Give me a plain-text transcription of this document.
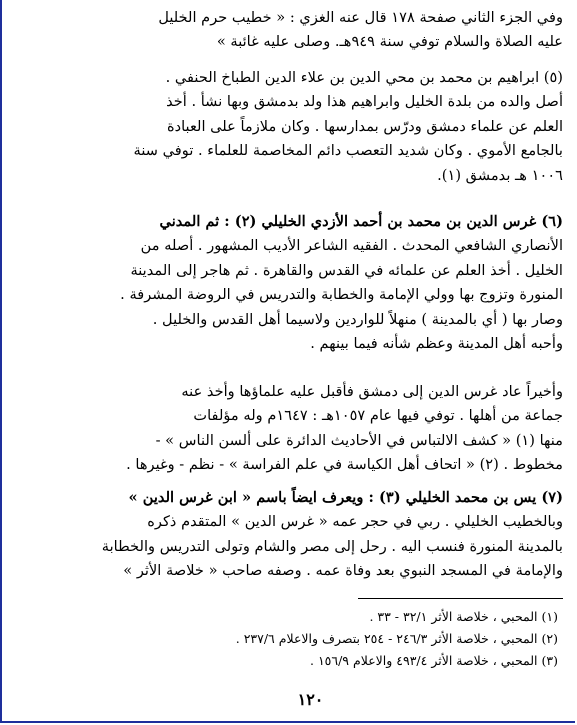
وفي الجزء الثاني صفحة ١٧٨ قال عنه الغزي : « خطيب حرم الخليل
عليه الصلاة والسلام توفي سنة ٩٤٩هـ. وصلى عليه غائبة »
(٥) ابراهيم بن محمد بن محي الدين بن علاء الدين الطباخ الحنفي .
أصل والده من بلدة الخليل وابراهيم هذا ولد بدمشق وبها نشأ . أخذ
العلم عن علماء دمشق ودرّس بمدارسها . وكان ملازماً على العبادة
بالجامع الأموي . وكان شديد التعصب دائم المخاصمة للعلماء . توفي سنة
١٠٠٦ هـ بدمشق (١).
(٦) غرس الدين بن محمد بن أحمد الأزدي الخليلي (٢) : ثم المدني
الأنصاري الشافعي المحدث . الفقيه الشاعر الأديب المشهور . أصله من
الخليل . أخذ العلم عن علمائه في القدس والقاهرة . ثم هاجر إلى المدينة
المنورة وتزوج بها وولي الإمامة والخطابة والتدريس في الروضة المشرفة .
وصار بها ( أي بالمدينة ) منهلاً للواردين ولاسيما أهل القدس والخليل .
وأحبه أهل المدينة وعظم شأنه فيما بينهم .
وأخيراً عاد غرس الدين إلى دمشق فأقبل عليه علماؤها وأخذ عنه
جماعة من أهلها . توفي فيها عام ١٠٥٧هـ : ١٦٤٧م وله مؤلفات
منها (١) « كشف الالتباس في الأحاديث الدائرة على ألسن الناس » -
مخطوط . (٢) « اتحاف أهل الكياسة في علم الفراسة » - نظم - وغيرها .
(٧) يس بن محمد الخليلي (٣) : ويعرف ايضاً باسم « ابن غرس الدين »
وبالخطيب الخليلي . ربي في حجر عمه « غرس الدين » المتقدم ذكره
بالمدينة المنورة فنسب اليه . رحل إلى مصر والشام وتولى التدريس والخطابة
والإمامة في المسجد النبوي بعد وفاة عمه . وصفه صاحب « خلاصة الأثر »
(١) المحبي ، خلاصة الأثر ٣٢/١ - ٣٣ .
(٢) المحبي ، خلاصة الأثر ٢٤٦/٣ - ٢٥٤ بتصرف والاعلام ٢٣٧/٦ .
(٣) المحبي ، خلاصة الأثر ٤٩٣/٤ والاعلام ١٥٦/٩ .
١٢٠
